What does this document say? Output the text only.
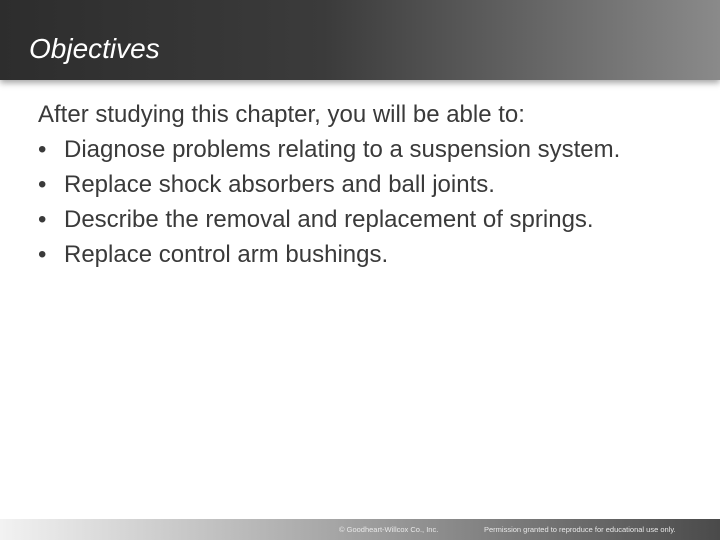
Objectives

After studying this chapter, you will be able to:

• Diagnose problems relating to a suspension system.
• Replace shock absorbers and ball joints.
• Describe the removal and replacement of springs.
• Replace control arm bushings.
© Goodheart-Willcox Co., Inc.	Permission granted to reproduce for educational use only.
